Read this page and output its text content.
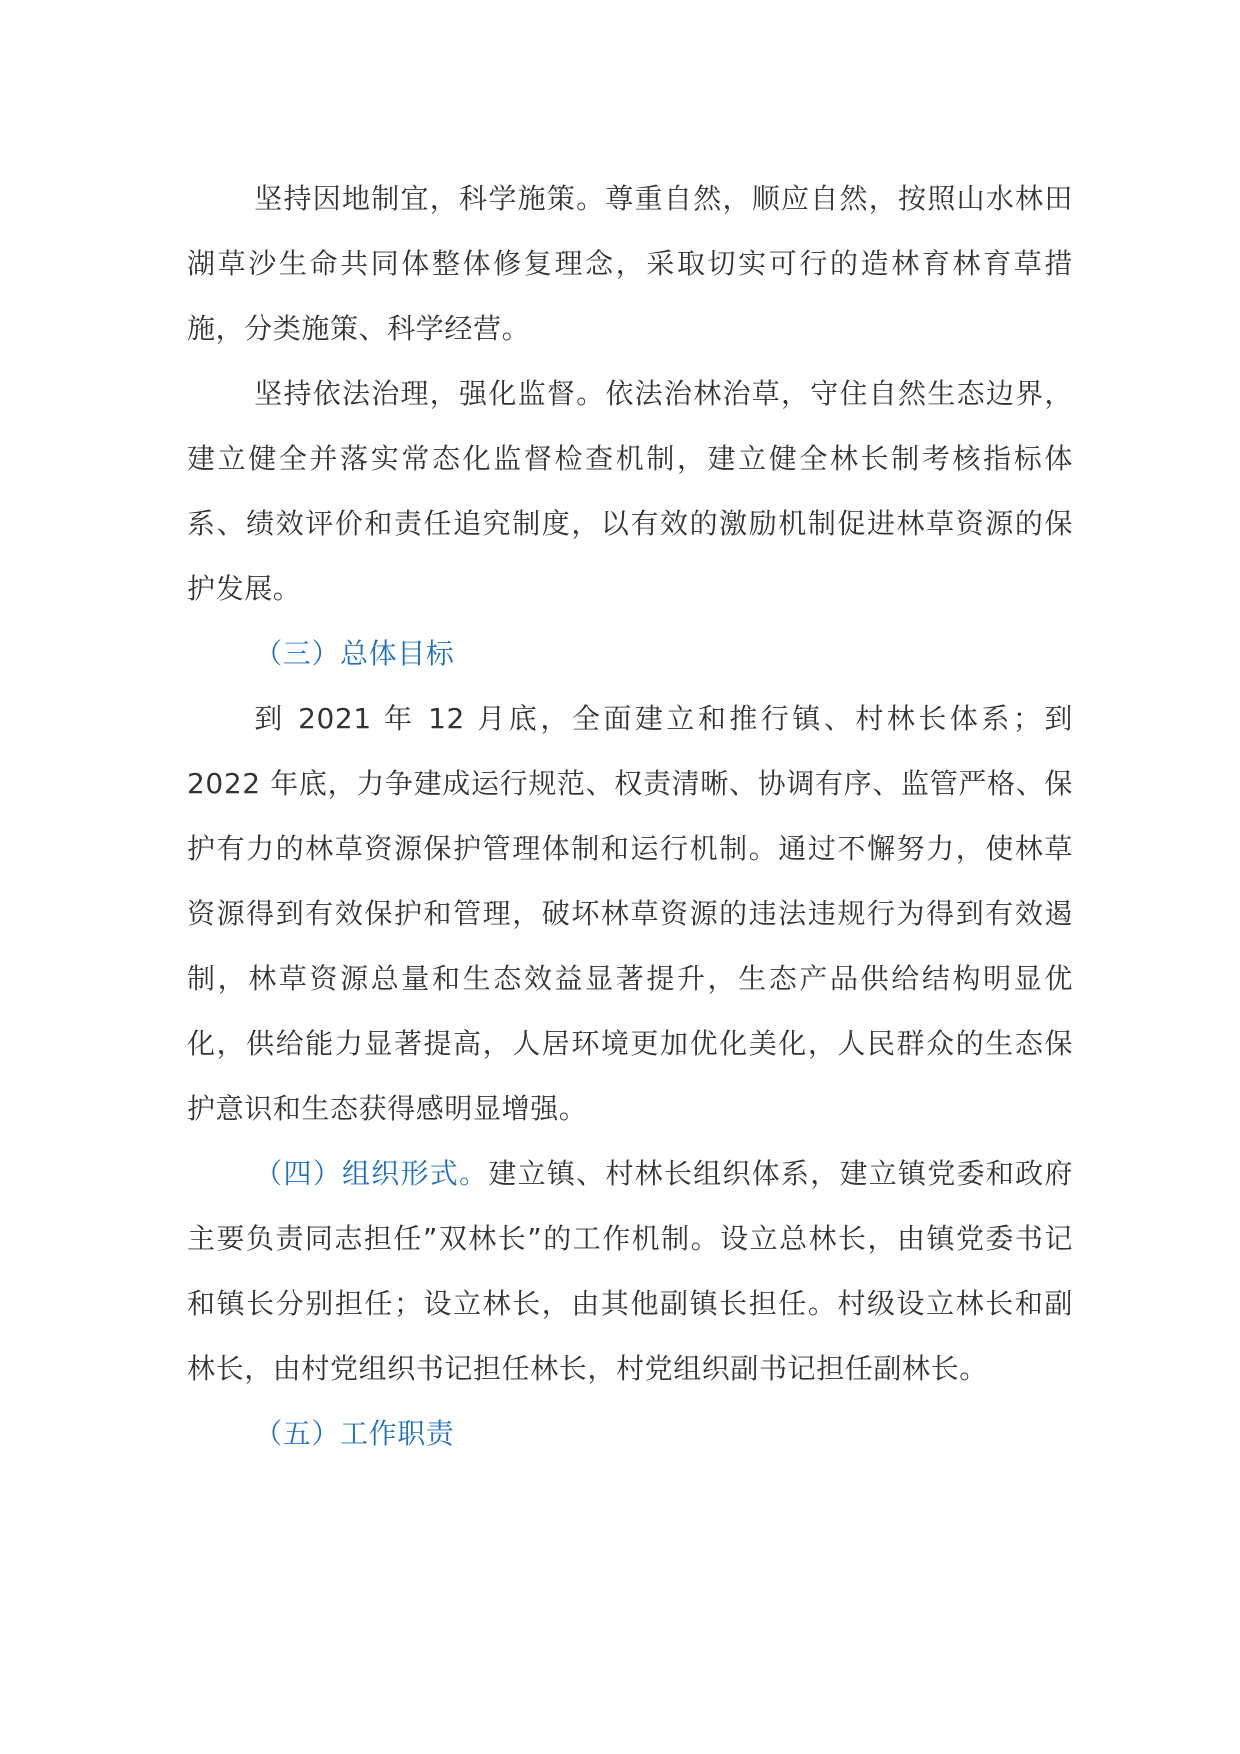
坚持因地制宜，科学施策。尊重自然，顺应自然，按照山水林田湖草沙生命共同体整体修复理念，采取切实可行的造林育林育草措施，分类施策、科学经营。

坚持依法治理，强化监督。依法治林治草，守住自然生态边界，建立健全并落实常态化监督检查机制，建立健全林长制考核指标体系、绩效评价和责任追究制度，以有效的激励机制促进林草资源的保护发展。

（三）总体目标

到 2021 年 12 月底，全面建立和推行镇、村林长体系；到 2022 年底，力争建成运行规范、权责清晰、协调有序、监管严格、保护有力的林草资源保护管理体制和运行机制。通过不懈努力，使林草资源得到有效保护和管理，破坏林草资源的违法违规行为得到有效遏制，林草资源总量和生态效益显著提升，生态产品供给结构明显优化，供给能力显著提高，人居环境更加优化美化，人民群众的生态保护意识和生态获得感明显增强。

（四）组织形式。建立镇、村林长组织体系，建立镇党委和政府主要负责同志担任”双林长”的工作机制。设立总林长，由镇党委书记和镇长分别担任；设立林长，由其他副镇长担任。村级设立林长和副林长，由村党组织书记担任林长，村党组织副书记担任副林长。

（五）工作职责
